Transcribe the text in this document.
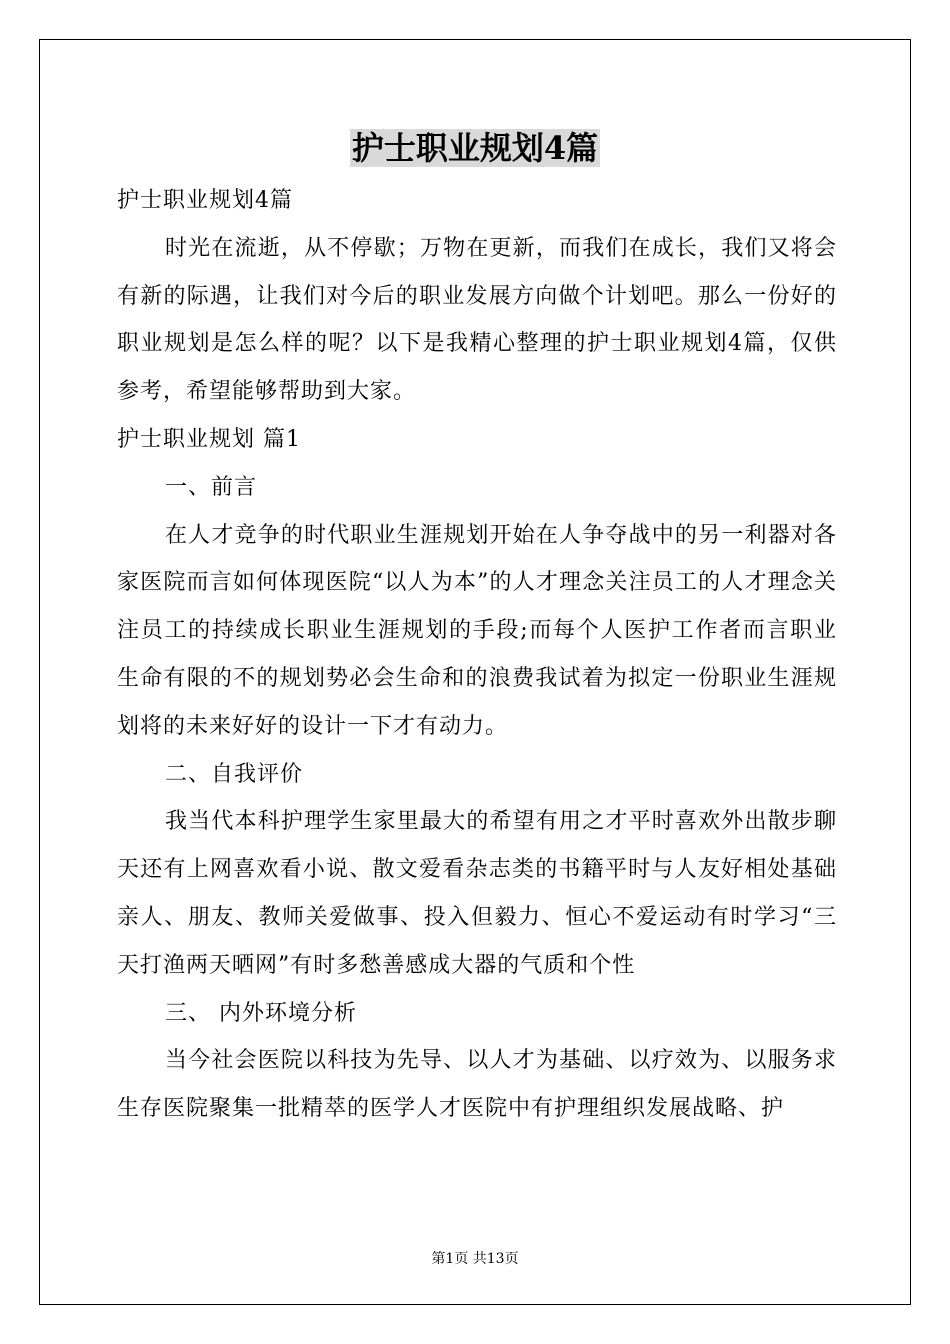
护士职业规划4篇

护士职业规划4篇

时光在流逝，从不停歇；万物在更新，而我们在成长，我们又将会有新的际遇，让我们对今后的职业发展方向做个计划吧。那么一份好的职业规划是怎么样的呢？以下是我精心整理的护士职业规划4篇，仅供参考，希望能够帮助到大家。

护士职业规划 篇1

一、前言

在人才竞争的时代职业生涯规划开始在人争夺战中的另一利器对各家医院而言如何体现医院“以人为本”的人才理念关注员工的人才理念关注员工的持续成长职业生涯规划的手段;而每个人医护工作者而言职业生命有限的不的规划势必会生命和的浪费我试着为拟定一份职业生涯规划将的未来好好的设计一下才有动力。

二、自我评价

我当代本科护理学生家里最大的希望有用之才平时喜欢外出散步聊天还有上网喜欢看小说、散文爱看杂志类的书籍平时与人友好相处基础亲人、朋友、教师关爱做事、投入但毅力、恒心不爱运动有时学习“三天打渔两天晒网”有时多愁善感成大器的气质和个性

三、 内外环境分析

当今社会医院以科技为先导、以人才为基础、以疗效为、以服务求生存医院聚集一批精萃的医学人才医院中有护理组织发展战略、护

第1页 共13页
